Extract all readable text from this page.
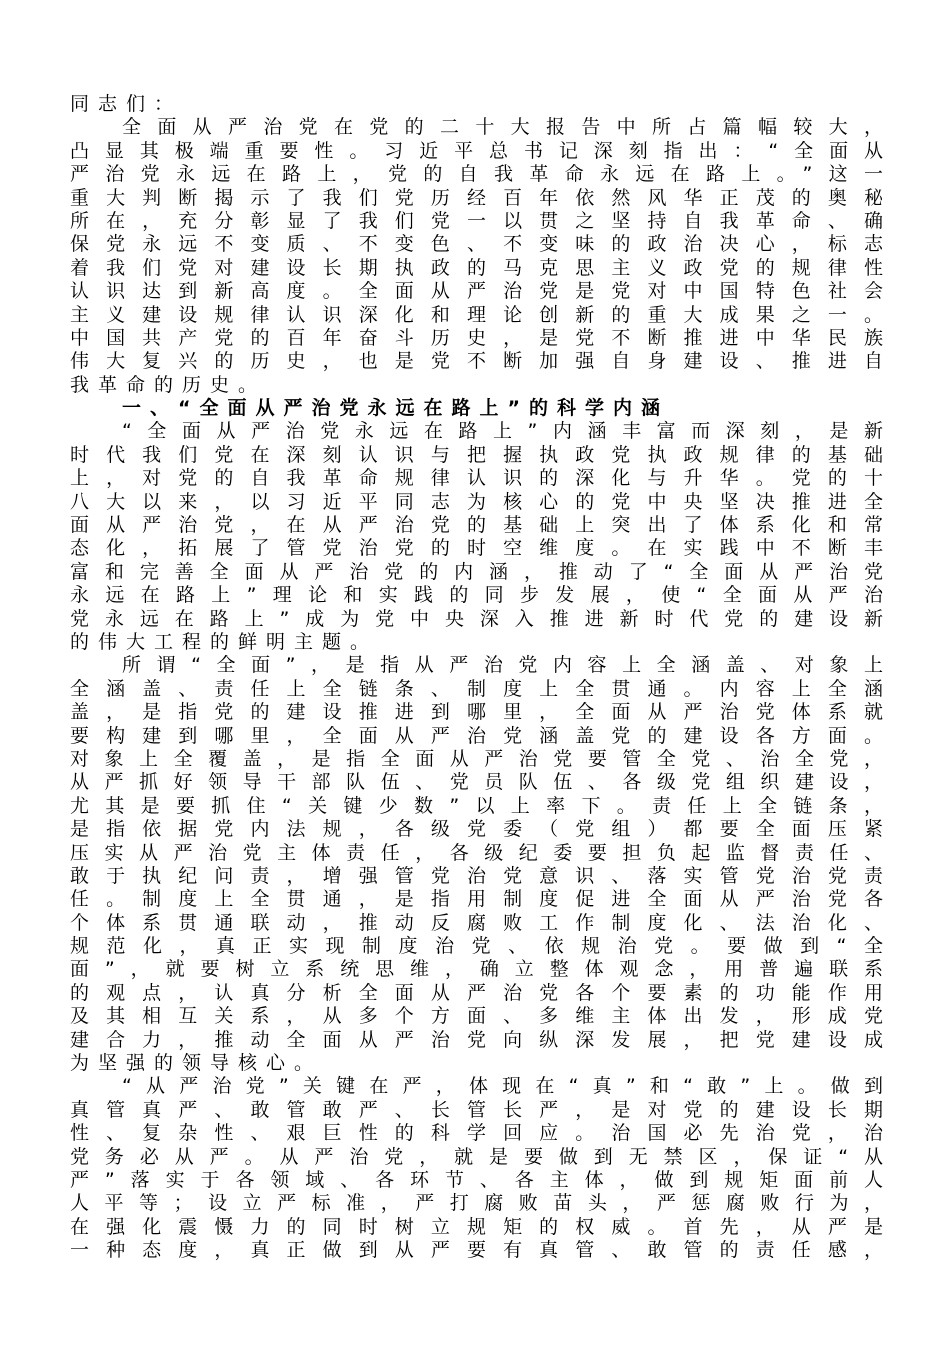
同志们：
全面从严治党在党的二十大报告中所占篇幅较大，
凸显其极端重要性。习近平总书记深刻指出：“全面从
严治党永远在路上，党的自我革命永远在路上。”这一
重大判断揭示了我们党历经百年依然风华正茂的奥秘
所在，充分彰显了我们党一以贯之坚持自我革命、确
保党永远不变质、不变色、不变味的政治决心，标志
着我们党对建设长期执政的马克思主义政党的规律性
认识达到新高度。全面从严治党是党对中国特色社会
主义建设规律认识深化和理论创新的重大成果之一。
中国共产党的百年奋斗历史，是党不断推进中华民族
伟大复兴的历史，也是党不断加强自身建设、推进自
我革命的历史。
一、“全面从严治党永远在路上”的科学内涵
“全面从严治党永远在路上”内涵丰富而深刻，是新
时代我们党在深刻认识与把握执政党执政规律的基础
上，对党的自我革命规律认识的深化与升华。党的十
八大以来，以习近平同志为核心的党中央坚决推进全
面从严治党，在从严治党的基础上突出了体系化和常
态化，拓展了管党治党的时空维度。在实践中不断丰
富和完善全面从严治党的内涵，推动了“全面从严治党
永远在路上”理论和实践的同步发展，使“全面从严治
党永远在路上”成为党中央深入推进新时代党的建设新
的伟大工程的鲜明主题。
所谓“全面”，是指从严治党内容上全涵盖、对象上
全涵盖、责任上全链条、制度上全贯通。内容上全涵
盖，是指党的建设推进到哪里，全面从严治党体系就
要构建到哪里，全面从严治党涵盖党的建设各方面。
对象上全覆盖，是指全面从严治党要管全党、治全党，
从严抓好领导干部队伍、党员队伍、各级党组织建设，
尤其是要抓住“关键少数”以上率下。责任上全链条，
是指依据党内法规，各级党委（党组）都要全面压紧
压实从严治党主体责任，各级纪委要担负起监督责任、
敢于执纪问责，增强管党治党意识、落实管党治党责
任。制度上全贯通，是指用制度促进全面从严治党各
个体系贯通联动，推动反腐败工作制度化、法治化、
规范化，真正实现制度治党、依规治党。要做到“全
面”，就要树立系统思维，确立整体观念，用普遍联系
的观点，认真分析全面从严治党各个要素的功能作用
及其相互关系，从多个方面、多维主体出发，形成党
建合力，推动全面从严治党向纵深发展，把党建设成
为坚强的领导核心。
“从严治党”关键在严，体现在“真”和“敢”上。做到
真管真严、敢管敢严、长管长严，是对党的建设长期
性、复杂性、艰巨性的科学回应。治国必先治党，治
党务必从严。从严治党，就是要做到无禁区，保证“从
严”落实于各领域、各环节、各主体，做到规矩面前人
人平等；设立严标准，严打腐败苗头，严惩腐败行为，
在强化震慑力的同时树立规矩的权威。首先，从严是
一种态度，真正做到从严要有真管、敢管的责任感，
